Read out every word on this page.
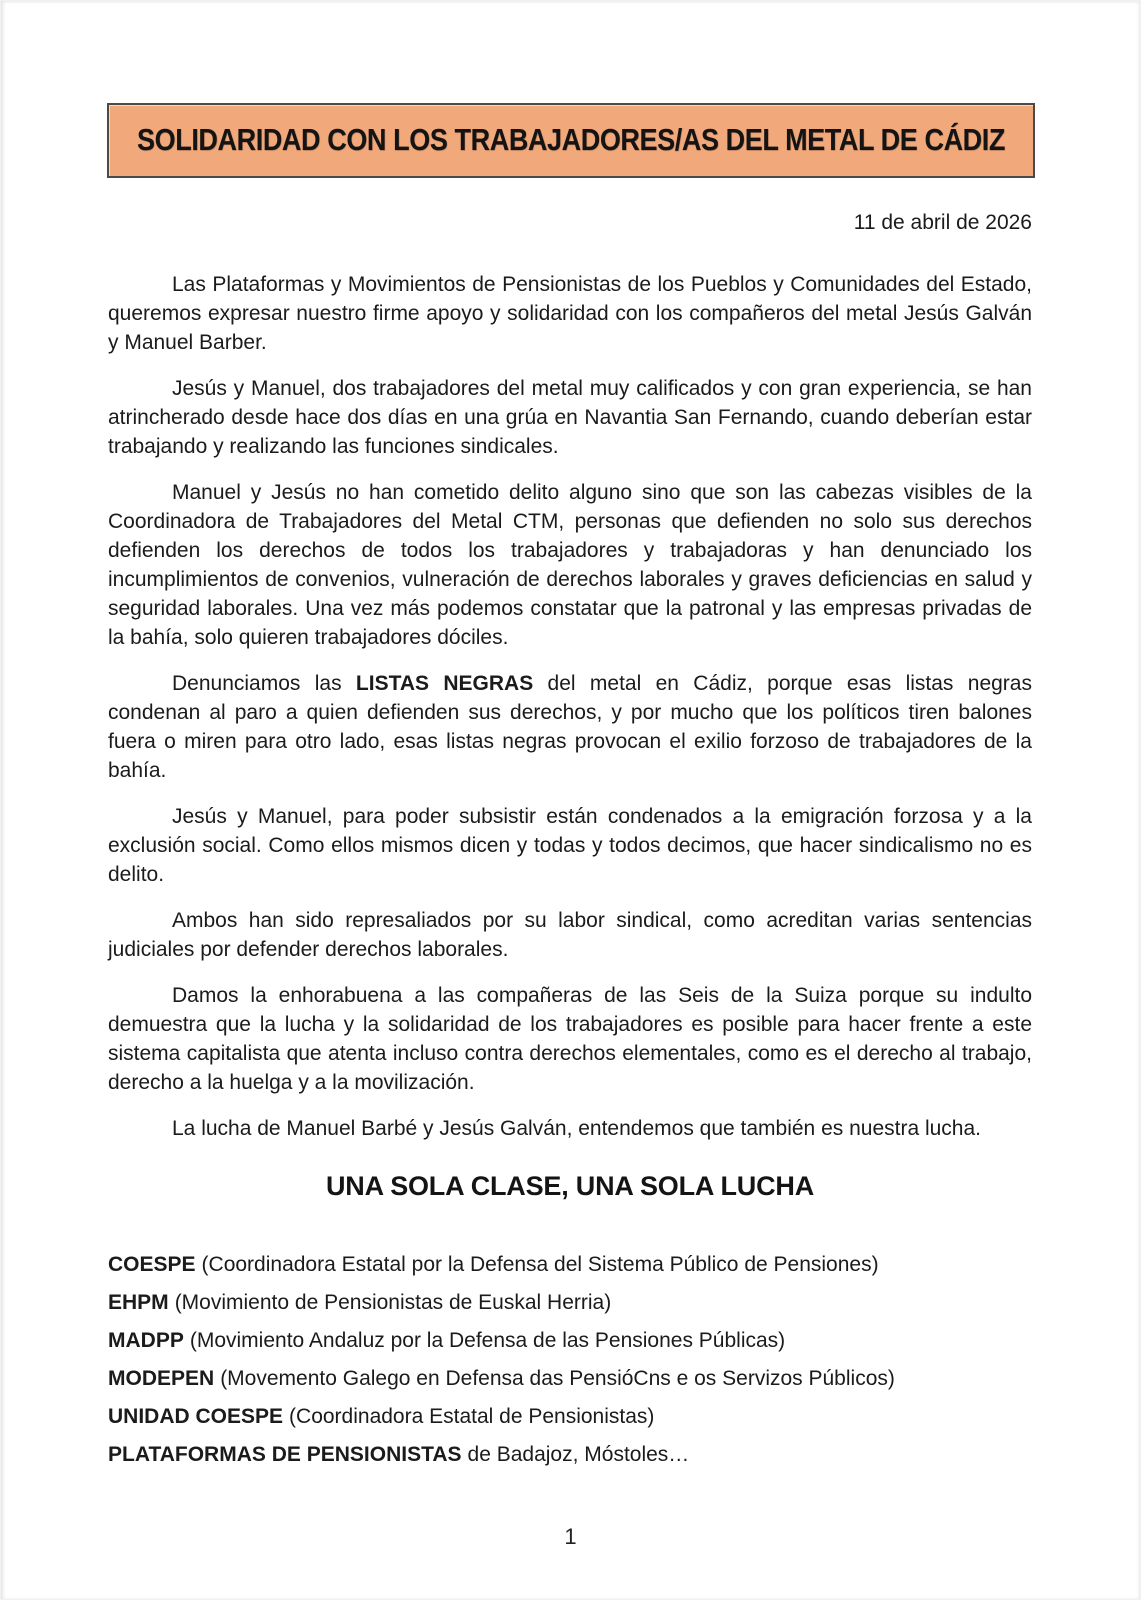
SOLIDARIDAD CON LOS TRABAJADORES/AS DEL METAL DE CÁDIZ
11 de abril de 2026

Las Plataformas y Movimientos de Pensionistas de los Pueblos y Comunidades del Estado, queremos expresar nuestro firme apoyo y solidaridad con los compañeros del metal Jesús Galván y Manuel Barber.

Jesús y Manuel, dos trabajadores del metal muy calificados y con gran experiencia, se han atrincherado desde hace dos días en una grúa en Navantia San Fernando, cuando deberían estar trabajando y realizando las funciones sindicales.

Manuel y Jesús no han cometido delito alguno sino que son las cabezas visibles de la Coordinadora de Trabajadores del Metal CTM, personas que defienden no solo sus derechos defienden los derechos de todos los trabajadores y trabajadoras y han denunciado los incumplimientos de convenios, vulneración de derechos laborales y graves deficiencias en salud y seguridad laborales. Una vez más podemos constatar que la patronal y las empresas privadas de la bahía, solo quieren trabajadores dóciles.

Denunciamos las LISTAS NEGRAS del metal en Cádiz, porque esas listas negras condenan al paro a quien defienden sus derechos, y por mucho que los políticos tiren balones fuera o miren para otro lado, esas listas negras provocan el exilio forzoso de trabajadores de la bahía.

Jesús y Manuel, para poder subsistir están condenados a la emigración forzosa y a la exclusión social. Como ellos mismos dicen y todas y todos decimos, que hacer sindicalismo no es delito.

Ambos han sido represaliados por su labor sindical, como acreditan varias sentencias judiciales por defender derechos laborales.

Damos la enhorabuena a las compañeras de las Seis de la Suiza porque su indulto demuestra que la lucha y la solidaridad de los trabajadores es posible para hacer frente a este sistema capitalista que atenta incluso contra derechos elementales, como es el derecho al trabajo, derecho a la huelga y a la movilización.

La lucha de Manuel Barbé y Jesús Galván, entendemos que también es nuestra lucha.

UNA SOLA CLASE, UNA SOLA LUCHA
COESPE (Coordinadora Estatal por la Defensa del Sistema Público de Pensiones)
EHPM (Movimiento de Pensionistas de Euskal Herria)
MADPP (Movimiento Andaluz por la Defensa de las Pensiones Públicas)
MODEPEN (Movemento Galego en Defensa das PensióCns e os Servizos Públicos)
UNIDAD COESPE (Coordinadora Estatal de Pensionistas)
PLATAFORMAS DE PENSIONISTAS de Badajoz, Móstoles…
1
